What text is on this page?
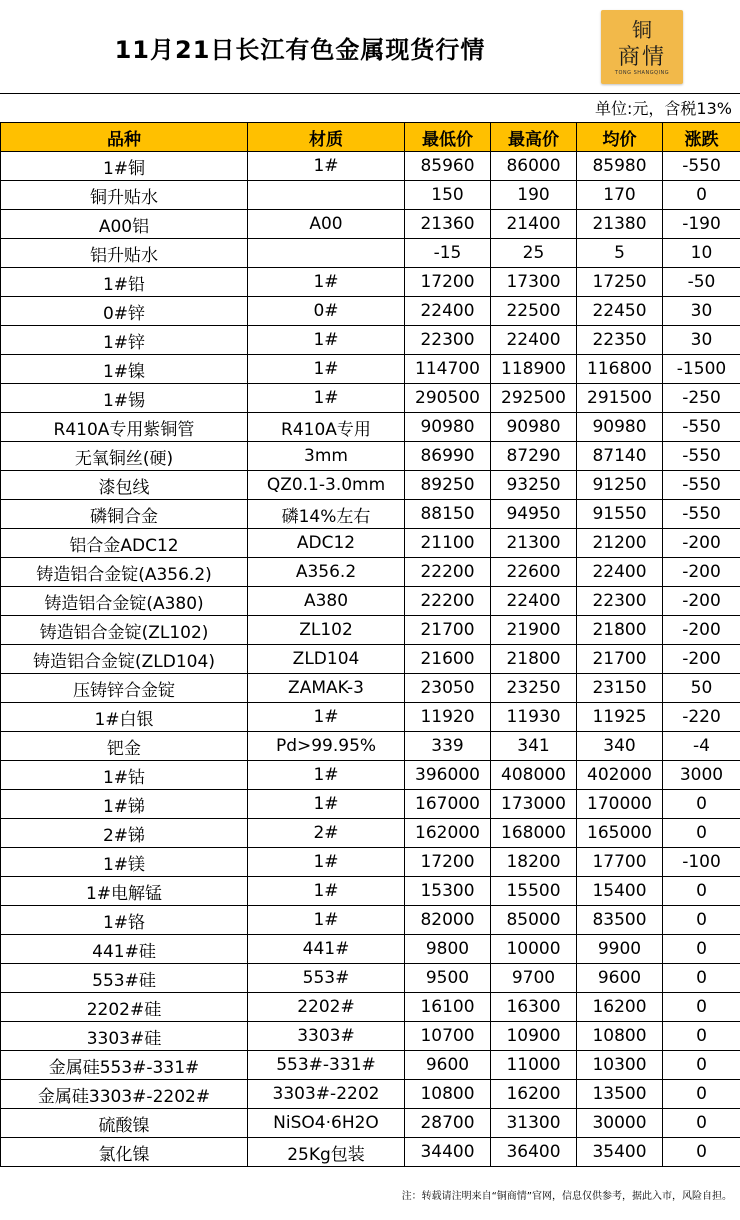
11月21日长江有色金属现货行情
铜
商情
TONG SHANGQING
单位:元，含税13%
品种	材质	最低价	最高价	均价	涨跌
1#铜	1#	85960	86000	85980	-550
铜升贴水		150	190	170	0
A00铝	A00	21360	21400	21380	-190
铝升贴水		-15	25	5	10
1#铅	1#	17200	17300	17250	-50
0#锌	0#	22400	22500	22450	30
1#锌	1#	22300	22400	22350	30
1#镍	1#	114700	118900	116800	-1500
1#锡	1#	290500	292500	291500	-250
R410A专用紫铜管	R410A专用	90980	90980	90980	-550
无氧铜丝(硬)	3mm	86990	87290	87140	-550
漆包线	QZ0.1-3.0mm	89250	93250	91250	-550
磷铜合金	磷14%左右	88150	94950	91550	-550
铝合金ADC12	ADC12	21100	21300	21200	-200
铸造铝合金锭(A356.2)	A356.2	22200	22600	22400	-200
铸造铝合金锭(A380)	A380	22200	22400	22300	-200
铸造铝合金锭(ZL102)	ZL102	21700	21900	21800	-200
铸造铝合金锭(ZLD104)	ZLD104	21600	21800	21700	-200
压铸锌合金锭	ZAMAK-3	23050	23250	23150	50
1#白银	1#	11920	11930	11925	-220
钯金	Pd>99.95%	339	341	340	-4
1#钴	1#	396000	408000	402000	3000
1#锑	1#	167000	173000	170000	0
2#锑	2#	162000	168000	165000	0
1#镁	1#	17200	18200	17700	-100
1#电解锰	1#	15300	15500	15400	0
1#铬	1#	82000	85000	83500	0
441#硅	441#	9800	10000	9900	0
553#硅	553#	9500	9700	9600	0
2202#硅	2202#	16100	16300	16200	0
3303#硅	3303#	10700	10900	10800	0
金属硅553#-331#	553#-331#	9600	11000	10300	0
金属硅3303#-2202#	3303#-2202	10800	16200	13500	0
硫酸镍	NiSO4·6H2O	28700	31300	30000	0
氯化镍	25Kg包装	34400	36400	35400	0
注：转载请注明来自“铜商情”官网，信息仅供参考，据此入市，风险自担。
